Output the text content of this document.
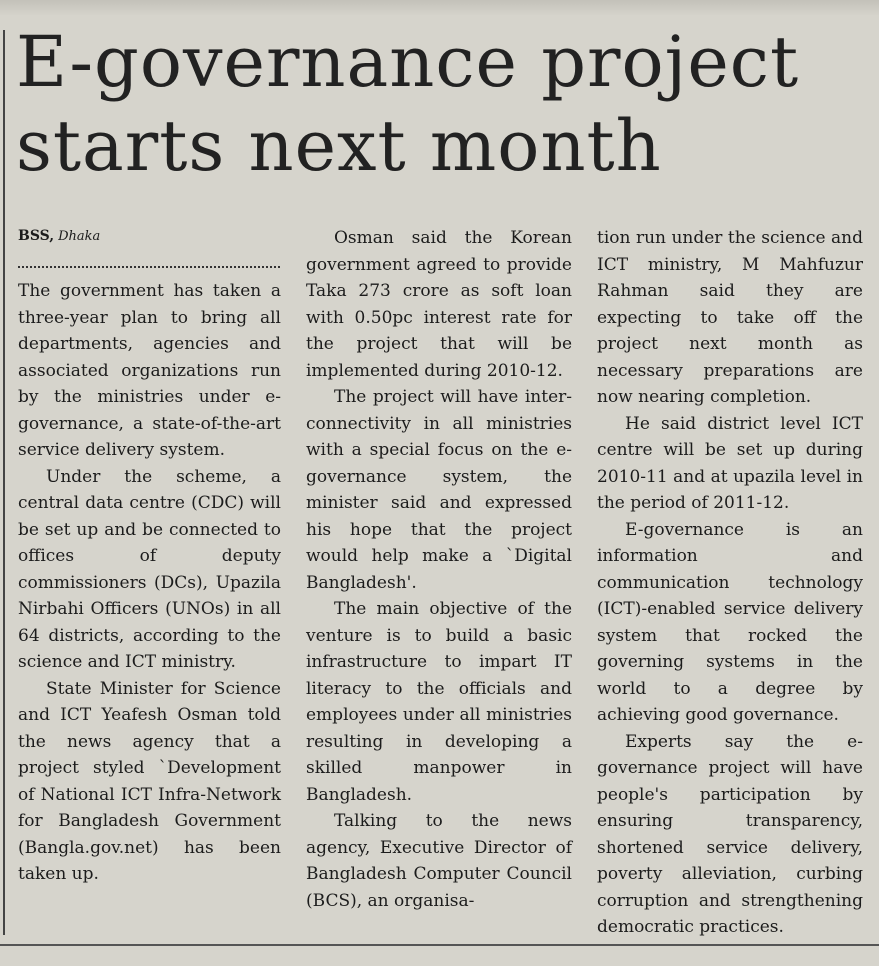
E-governance project
starts next month
BSS, Dhaka

The government has taken a three-year plan to bring all departments, agencies and associated organizations run by the ministries under e-governance, a state-of-the-art service delivery system.

Under the scheme, a central data centre (CDC) will be set up and be connected to offices of deputy commissioners (DCs), Upazila Nirbahi Officers (UNOs) in all 64 districts, according to the science and ICT ministry.

State Minister for Science and ICT Yeafesh Osman told the news agency that a project styled `Development of National ICT Infra-Network for Bangladesh Government (Bangla.gov.net) has been taken up.

Osman said the Korean government agreed to provide Taka 273 crore as soft loan with 0.50pc interest rate for the project that will be implemented during 2010-12.

The project will have inter-connectivity in all ministries with a special focus on the e-governance system, the minister said and expressed his hope that the project would help make a `Digital Bangladesh'.

The main objective of the venture is to build a basic infrastructure to impart IT literacy to the officials and employees under all ministries resulting in developing a skilled manpower in Bangladesh.

Talking to the news agency, Executive Director of Bangladesh Computer Council (BCS), an organisa-

tion run under the science and ICT ministry, M Mahfuzur Rahman said they are expecting to take off the project next month as necessary preparations are now nearing completion.

He said district level ICT centre will be set up during 2010-11 and at upazila level in the period of 2011-12.

E-governance is an information and communication technology (ICT)-enabled service delivery system that rocked the governing systems in the world to a degree by achieving good governance.

Experts say the e-governance project will have people's participation by ensuring transparency, shortened service delivery, poverty alleviation, curbing corruption and strengthening democratic practices.
